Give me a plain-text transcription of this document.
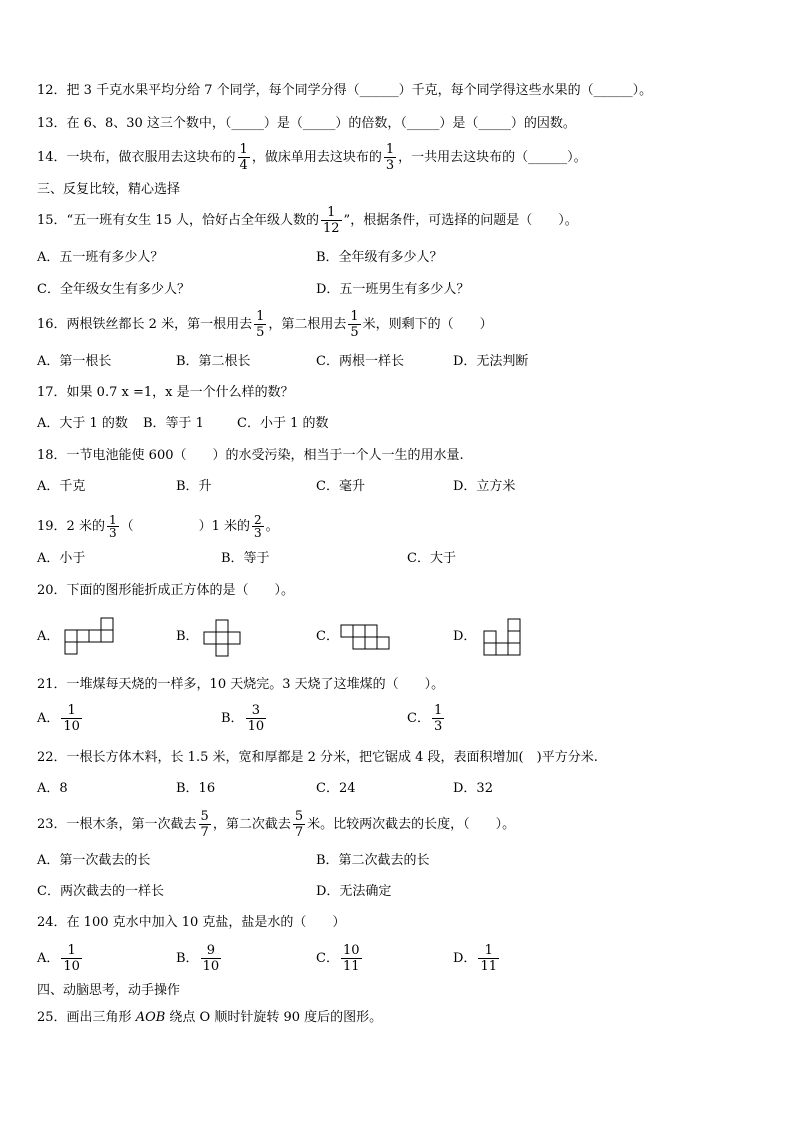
12．把 3 千克水果平均分给 7 个同学，每个同学分得（______）千克，每个同学得这些水果的（______）。
13．在 6、8、30 这三个数中，（_____）是（_____）的倍数，（_____）是（_____）的因数。
14．一块布，做衣服用去这块布的 $\frac{1}{4}$ ，做床单用去这块布的 $\frac{1}{3}$ ，一共用去这块布的（______）。
三、反复比较，精心选择
15．“五一班有女生 15 人，恰好占全年级人数的 $\frac{1}{12}$ ”，根据条件，可选择的问题是（　　）。
A．五一班有多少人？	B．全年级有多少人？
C．全年级女生有多少人？	D．五一班男生有多少人？
16．两根铁丝都长 2 米，第一根用去 $\frac{1}{5}$ ，第二根用去 $\frac{1}{5}$ 米，则剩下的（　　）
A．第一根长	B．第二根长	C．两根一样长	D．无法判断
17．如果 0.7 x =1，x 是一个什么样的数？
A．大于 1 的数 B．等于 1	C．小于 1 的数
18．一节电池能使 600（　　）的水受污染，相当于一个人一生的用水量.
A．千克	B．升	C．毫升	D．立方米
19．2 米的 $\frac{1}{3}$ （　　　　　）1 米的 $\frac{2}{3}$ 。
A．小于	B．等于	C．大于
20．下面的图形能折成正方体的是（　　）。
A．	B．	C．	D．
21．一堆煤每天烧的一样多，10 天烧完。3 天烧了这堆煤的（　　）。
A． $\frac{1}{10}$	B． $\frac{3}{10}$	C． $\frac{1}{3}$
22．一根长方体木料，长 1.5 米，宽和厚都是 2 分米，把它锯成 4 段，表面积增加(　)平方分米.
A．8	B．16	C．24	D．32
23．一根木条，第一次截去 $\frac{5}{7}$ ，第二次截去 $\frac{5}{7}$ 米。比较两次截去的长度，（　　）。
A．第一次截去的长	B．第二次截去的长
C．两次截去的一样长	D．无法确定
24．在 100 克水中加入 10 克盐，盐是水的（　　）
A． $\frac{1}{10}$	B． $\frac{9}{10}$	C． $\frac{10}{11}$	D． $\frac{1}{11}$
四、动脑思考，动手操作
25．画出三角形 AOB 绕点 O 顺时针旋转 90 度后的图形。
